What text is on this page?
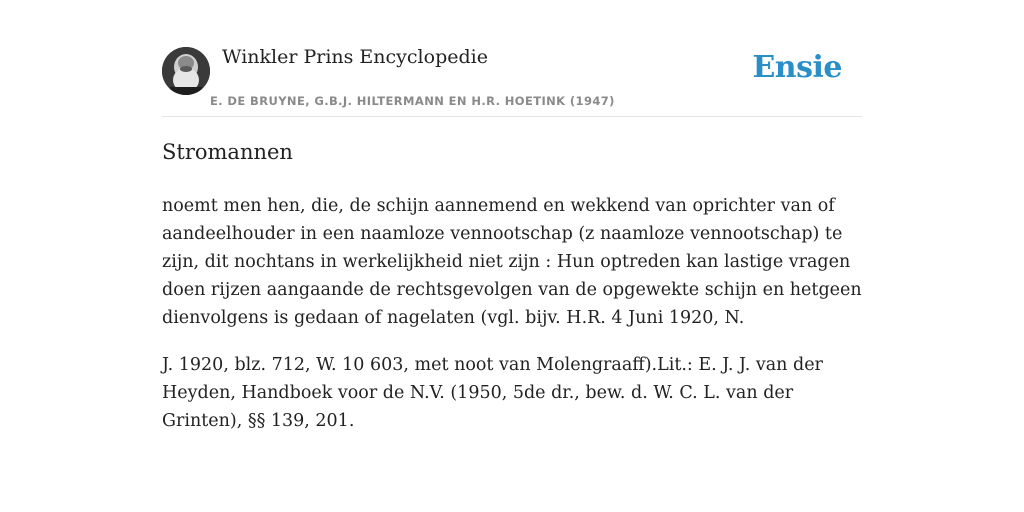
Winkler Prins Encyclopedie
E. DE BRUYNE, G.B.J. HILTERMANN EN H.R. HOETINK (1947)
Ensie
Stromannen

noemt men hen, die, de schijn aannemend en wekkend van oprichter van of aandeelhouder in een naamloze vennootschap (z naamloze vennootschap) te zijn, dit nochtans in werkelijkheid niet zijn : Hun optreden kan lastige vragen doen rijzen aangaande de rechtsgevolgen van de opgewekte schijn en hetgeen dienvolgens is gedaan of nagelaten (vgl. bijv. H.R. 4 Juni 1920, N.

J. 1920, blz. 712, W. 10 603, met noot van Molengraaff).Lit.: E. J. J. van der Heyden, Handboek voor de N.V. (1950, 5de dr., bew. d. W. C. L. van der Grinten), §§ 139, 201.
